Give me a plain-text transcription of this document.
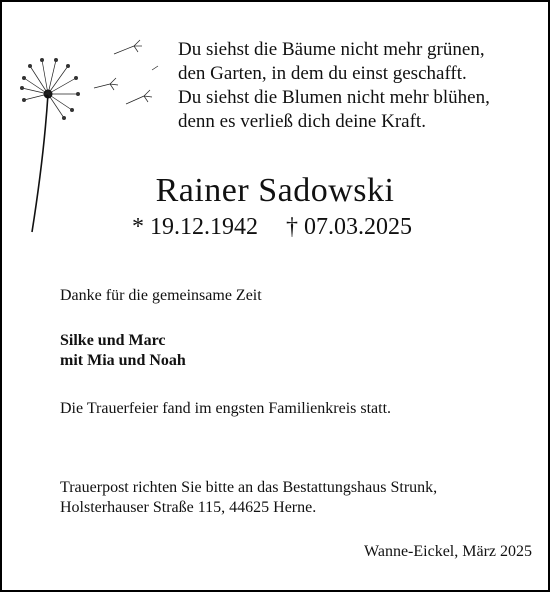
Du siehst die Bäume nicht mehr grünen,
den Garten, in dem du einst geschafft.
Du siehst die Blumen nicht mehr blühen,
denn es verließ dich deine Kraft.
Rainer Sadowski
* 19.12.1942 † 07.03.2025
Danke für die gemeinsame Zeit
Silke und Marc
mit Mia und Noah
Die Trauerfeier fand im engsten Familienkreis statt.
Trauerpost richten Sie bitte an das Bestattungshaus Strunk,
Holsterhauser Straße 115, 44625 Herne.
Wanne-Eickel, März 2025
